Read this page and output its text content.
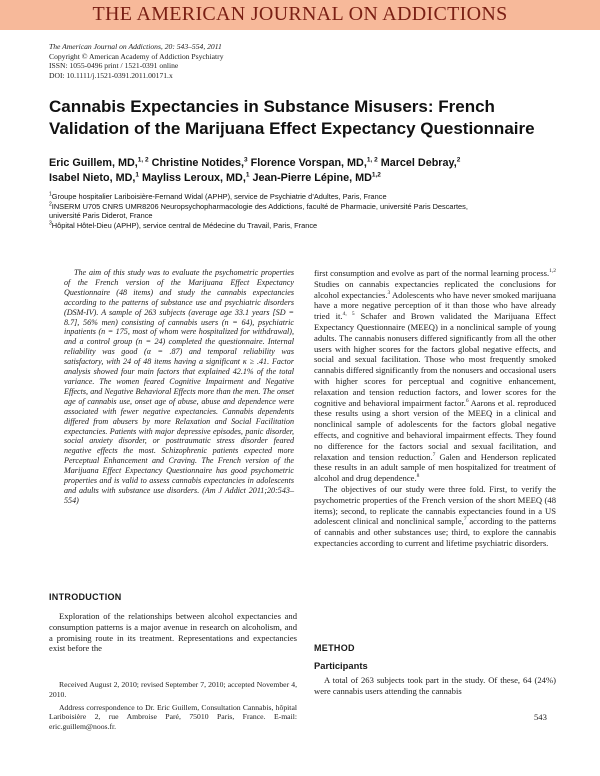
THE AMERICAN JOURNAL ON ADDICTIONS
The American Journal on Addictions, 20: 543–554, 2011
Copyright © American Academy of Addiction Psychiatry
ISSN: 1055-0496 print / 1521-0391 online
DOI: 10.1111/j.1521-0391.2011.00171.x
Cannabis Expectancies in Substance Misusers: French
Validation of the Marijuana Effect Expectancy Questionnaire
Eric Guillem, MD,$^{1, 2}$ Christine Notides,$^3$ Florence Vorspan, MD,$^{1, 2}$ Marcel Debray,$^2$
Isabel Nieto, MD,$^1$ Mayliss Leroux, MD,$^1$ Jean-Pierre Lépine, MD$^{1,2}$
$^1$Groupe hospitalier Lariboisière-Fernand Widal (APHP), service de Psychiatrie d’Adultes, Paris, France
$^2$INSERM U705 CNRS UMR8206 Neuropsychopharmacologie des Addictions, faculté de Pharmacie, université Paris Descartes,
université Paris Diderot, France
$^3$Hôpital Hôtel-Dieu (APHP), service central de Médecine du Travail, Paris, France
The aim of this study was to evaluate the psychometric properties of the French version of the Marijuana Effect Expectancy Questionnaire (48 items) and study the cannabis expectancies according to the patterns of substance use and psychiatric disorders (DSM-IV). A sample of 263 subjects (average age 33.1 years [SD = 8.7], 56% men) consisting of cannabis users (n = 64), psychiatric inpatients (n = 175, most of whom were hospitalized for withdrawal), and a control group (n = 24) completed the questionnaire. Internal reliability was good (α = .87) and temporal reliability was satisfactory, with 24 of 48 items having a significant κ ≥ .41. Factor analysis showed four main factors that explained 42.1% of the total variance. The women feared Cognitive Impairment and Negative Effects, and Negative Behavioral Effects more than the men. The onset age of cannabis use, onset age of abuse, abuse and dependence were associated with fewer negative expectancies. Cannabis dependents differed from abusers by more Relaxation and Social Facilitation expectancies. Patients with major depressive episodes, panic disorder, social anxiety disorder, or posttraumatic stress disorder feared negative effects the most. Schizophrenic patients expected more Perceptual Enhancement and Craving. The French version of the Marijuana Effect Expectancy Questionnaire has good psychometric properties and is valid to assess cannabis expectancies in adolescents and adults with substance use disorders. (Am J Addict 2011;20:543–554)
INTRODUCTION
Exploration of the relationships between alcohol expectancies and consumption patterns is a major avenue in research on alcoholism, and a promising route in its treatment. Representations and expectancies exist before the

Received August 2, 2010; revised September 7, 2010; accepted November 4, 2010.

Address correspondence to Dr. Eric Guillem, Consultation Cannabis, hôpital Lariboisière 2, rue Ambroise Paré, 75010 Paris, France. E-mail: eric.guillem@noos.fr.

first consumption and evolve as part of the normal learning process.$^{1,2}$ Studies on cannabis expectancies replicated the conclusions for alcohol expectancies.$^3$ Adolescents who have never smoked marijuana have a more negative perception of it than those who have already tried it.$^{4, 5}$ Schafer and Brown validated the Marijuana Effect Expectancy Questionnaire (MEEQ) in a nonclinical sample of young adults. The cannabis nonusers differed significantly from all the other users with higher scores for the factors global negative effects, and social and sexual facilitation. Those who most frequently smoked cannabis differed significantly from the nonusers and occasional users with higher scores for perceptual and cognitive enhancement, relaxation and tension reduction factors, and lower scores for the cognitive and behavioral impairment factor.$^6$ Aarons et al. reproduced these results using a short version of the MEEQ in a clinical and nonclinical sample of adolescents for the factors global negative effects, and cognitive and behavioral impairment effects. They found no difference for the factors social and sexual facilitation, and relaxation and tension reduction.$^7$ Galen and Henderson replicated these results in an adult sample of men hospitalized for treatment of alcohol and drug dependence.$^8$

The objectives of our study were three fold. First, to verify the psychometric properties of the French version of the short MEEQ (48 items); second, to replicate the cannabis expectancies found in a US adolescent clinical and nonclinical sample,$^7$ according to the patterns of cannabis and other substances use; third, to explore the cannabis expectancies according to current and lifetime psychiatric disorders.

METHOD
Participants
A total of 263 subjects took part in the study. Of these, 64 (24%) were cannabis users attending the cannabis
543
